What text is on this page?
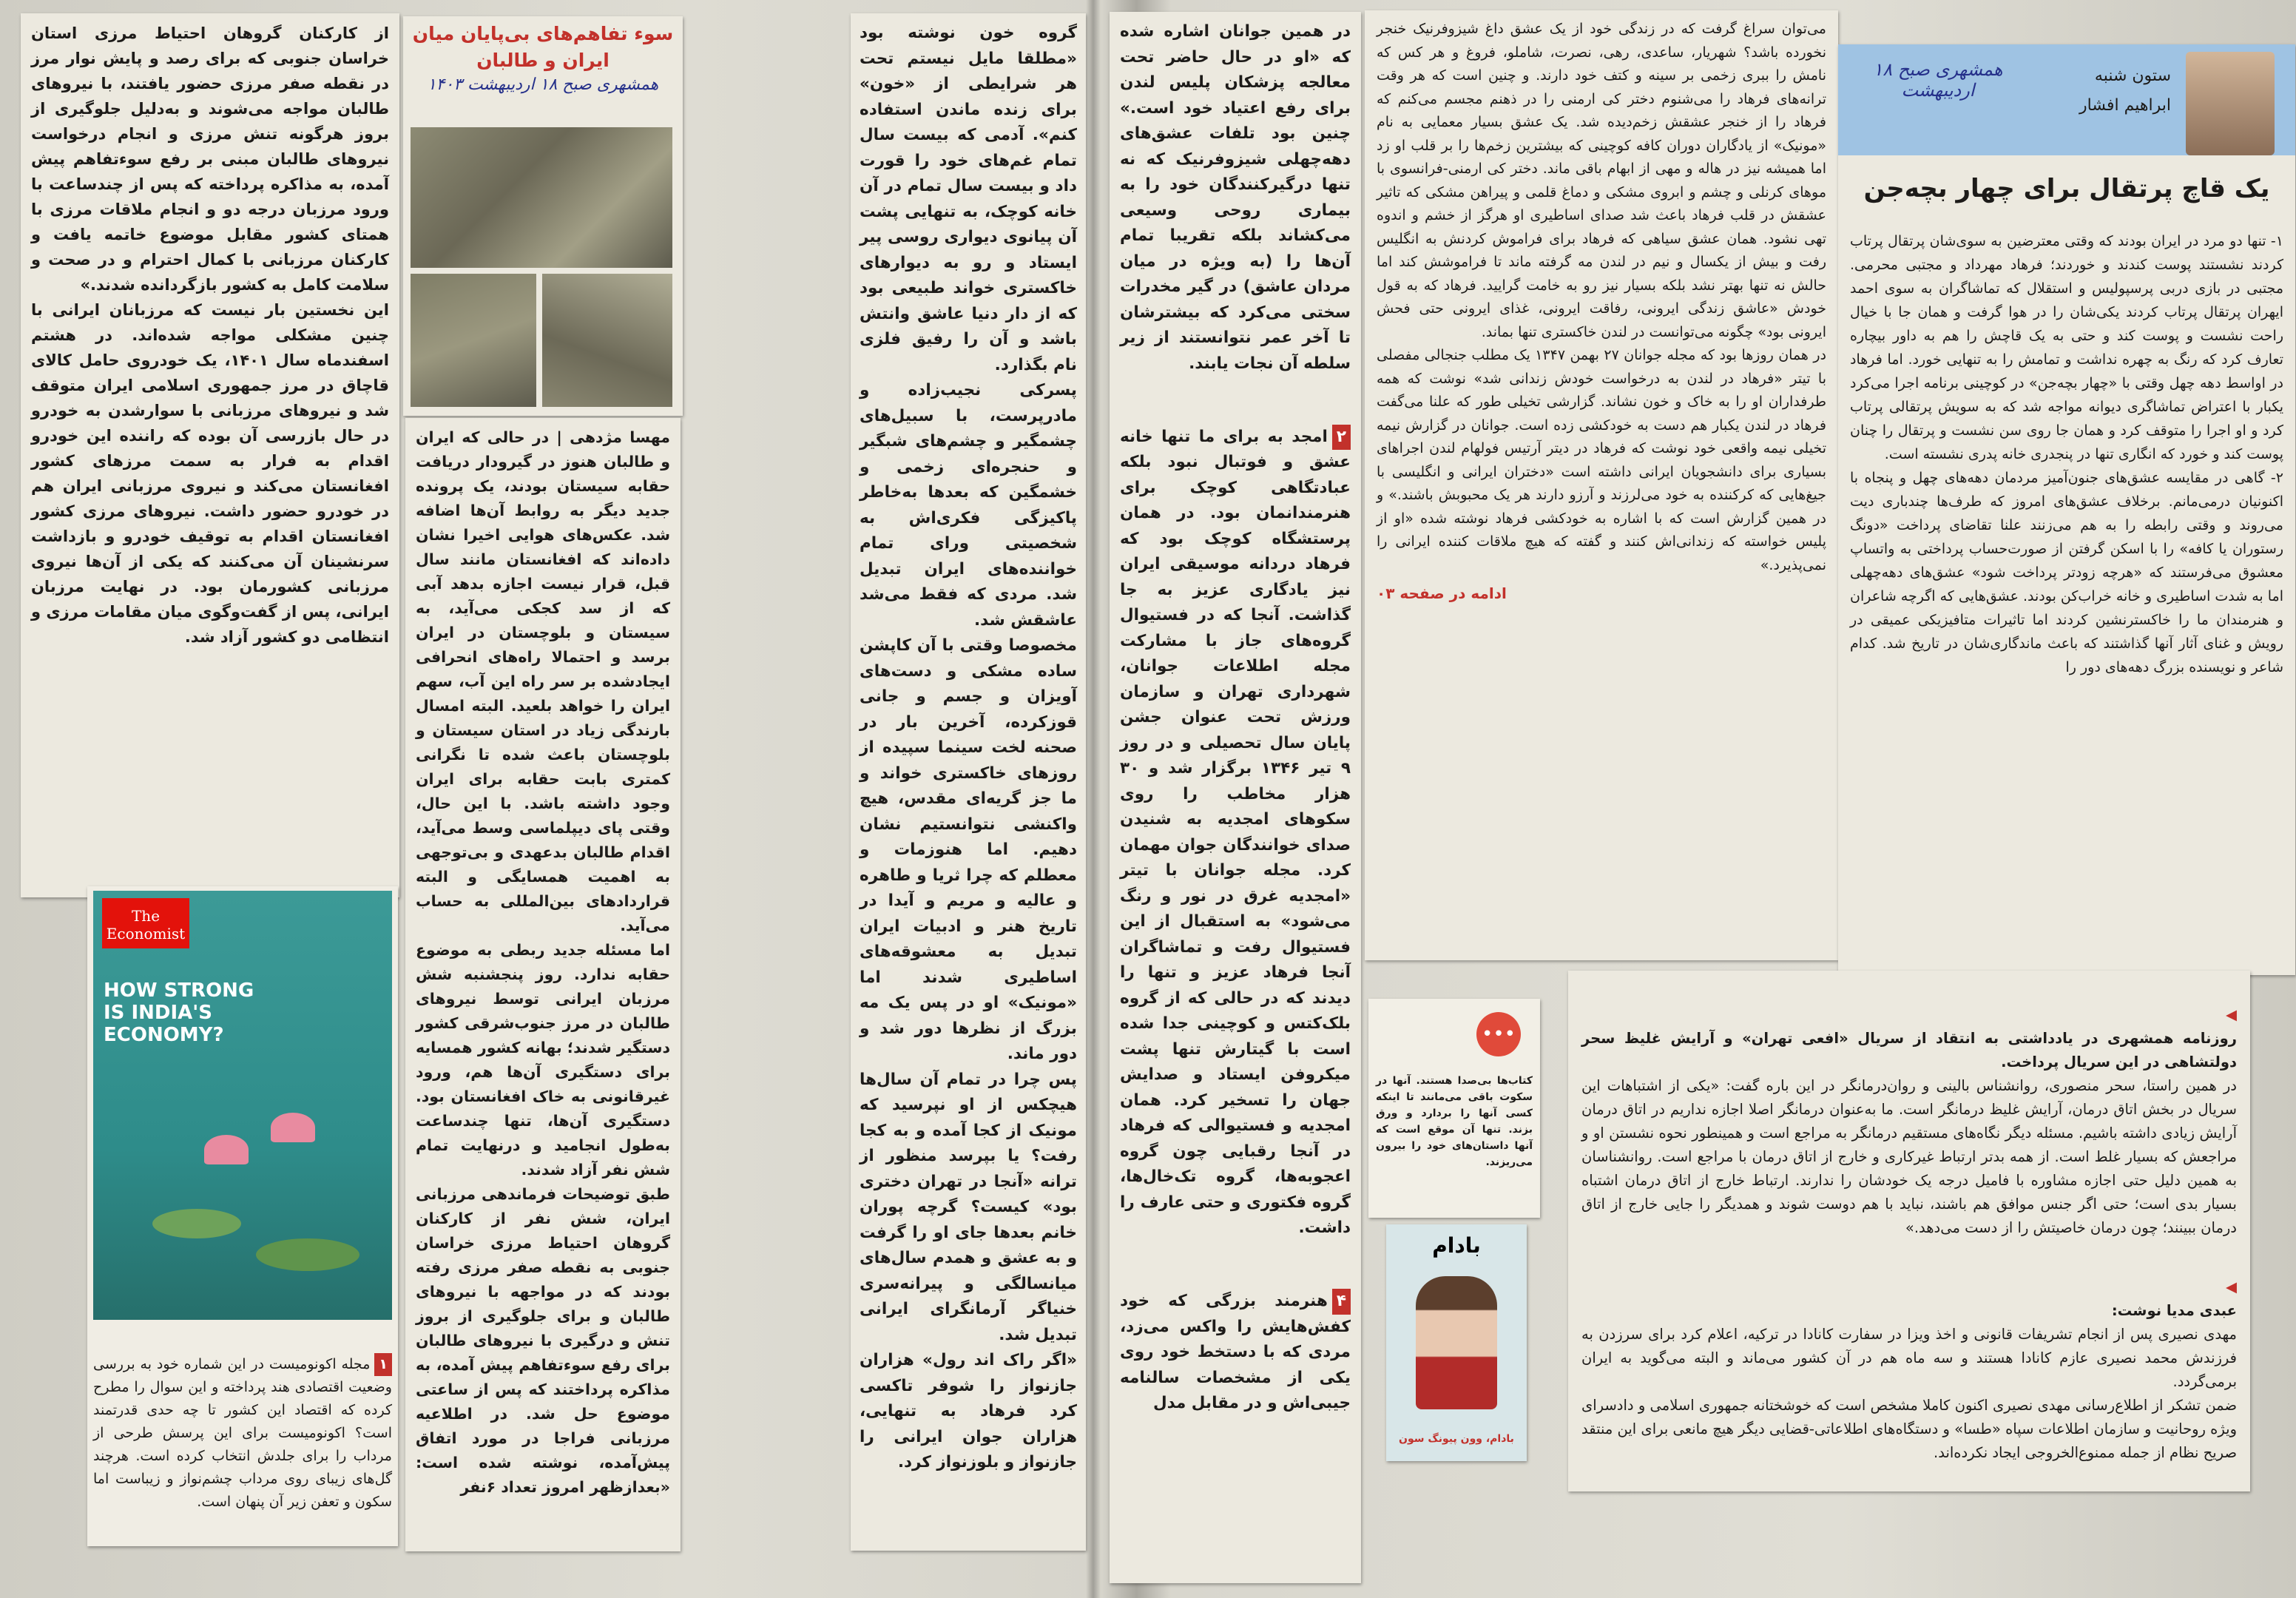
سوء تفاهم‌های بی‌پایان میان ایران و طالبان
همشهری صبح ۱۸ اردیبهشت ۱۴۰۳
مهسا مژدهی | در حالی که ایران و طالبان هنوز در گیرودار دریافت حقابه سیستان بودند، یک پرونده جدید دیگر به روابط آن‌ها اضافه شد. عکس‌های هوایی اخیرا نشان داده‌اند که افغانستان مانند سال قبل، قرار نیست اجازه بدهد آبی که از سد کجکی می‌آید، به سیستان و بلوچستان در ایران برسد و احتمالا راه‌های انحرافی ایجادشده بر سر راه این آب، سهم ایران را خواهد بلعید. البته امسال بارندگی زیاد در استان سیستان و بلوچستان باعث شده تا نگرانی کمتری بابت حقابه برای ایران وجود داشته باشد. با این حال، وقتی پای دیپلماسی وسط می‌آید، اقدام طالبان بدعهدی و بی‌توجهی به اهمیت همسایگی و البته قراردادهای بین‌المللی به حساب می‌آید.
اما مسئله جدید ربطی به موضوع حقابه ندارد. روز پنجشنبه شش مرزبان ایرانی توسط نیروهای طالبان در مرز جنوب‌شرقی کشور دستگیر شدند؛ بهانه کشور همسایه برای دستگیری آن‌ها هم، ورود غیرقانونی به خاک افغانستان بود. دستگیری آن‌ها، تنها چندساعت به‌طول انجامید و درنهایت تمام شش نفر آزاد شدند.
طبق توضیحات فرماندهی مرزبانی ایران، شش نفر از کارکنان گروهان احتیاط مرزی خراسان جنوبی به نقطه صفر مرزی رفته بودند که در مواجهه با نیروهای طالبان و برای جلوگیری از بروز تنش و درگیری با نیروهای طالبان برای رفع سوءتفاهم پیش آمده، به مذاکره پرداختند که پس از ساعتی موضوع حل شد. در اطلاعیه مرزبانی فراجا در مورد اتفاق پیش‌آمده، نوشته شده است: «بعدازظهر امروز تعداد ۶نفر
از کارکنان گروهان احتیاط مرزی استان خراسان جنوبی که برای رصد و پایش نوار مرز در نقطه صفر مرزی حضور یافتند، با نیروهای طالبان مواجه می‌شوند و به‌دلیل جلوگیری از بروز هرگونه تنش مرزی و انجام درخواست نیروهای طالبان مبنی بر رفع سوءتفاهم پیش آمده، به مذاکره پرداخته که پس از چندساعت با ورود مرزبان درجه دو و انجام ملاقات مرزی با همتای کشور مقابل موضوع خاتمه یافت و کارکنان مرزبانی با کمال احترام و در صحت و سلامت کامل به کشور بازگردانده شدند.»
این نخستین بار نیست که مرزبانان ایرانی با چنین مشکلی مواجه شده‌اند. در هشتم اسفندماه سال ۱۴۰۱، یک خودروی حامل کالای قاچاق در مرز جمهوری اسلامی ایران متوقف شد و نیروهای مرزبانی با سوارشدن به خودرو در حال بازرسی آن بوده که راننده این خودرو اقدام به فرار به سمت مرزهای کشور افغانستان می‌کند و نیروی مرزبانی ایران هم در خودرو حضور داشت. نیروهای مرزی کشور افغانستان اقدام به توقیف خودرو و بازداشت سرنشینان آن می‌کنند که یکی از آن‌ها نیروی مرزبانی کشورمان بود. در نهایت مرزبان ایرانی، پس از گفت‌وگوی میان مقامات مرزی و انتظامی دو کشور آزاد شد.
The Economist
HOW STRONG IS INDIA'S ECONOMY?

۱مجله اکونومیست در این شماره خود به بررسی وضعیت اقتصادی هند پرداخته و این سوال را مطرح کرده که اقتصاد این کشور تا چه حدی قدرتمند است؟ اکونومیست برای این پرسش طرحی از مرداب را برای جلدش انتخاب کرده است. هرچند گل‌های زیبای روی مرداب چشم‌نواز و زیباست اما سکون و تعفن زیر آن پنهان است.

گروه خون نوشته بود «مطلقا مایل نیستم تحت هر شرایطی از «خون» برای زنده ماندن استفاده کنم». آدمی که بیست سال تمام غم‌های خود را قورت داد و بیست سال تمام در آن خانه کوچک، به تنهایی پشت آن پیانوی دیواری روسی پیر ایستاد و رو به دیوارهای خاکستری خواند طبیعی بود که از دار دنیا عاشق وانتش باشد و آن را رفیق فلزی نام بگذارد.
پسرکی نجیب‌زاده و مادرپرست، با سبیل‌های چشمگیر و چشم‌های شبگیر و حنجره‌ای زخمی و خشمگین که بعدها به‌خاطر پاکیزگی فکری‌اش به شخصیتی ورای تمام خواننده‌های ایران تبدیل شد. مردی که فقط می‌شد عاشقش شد.
مخصوصا وقتی با آن کاپشن ساده مشکی و دست‌های آویزان و جسم و جانی قوزکرده، آخرین بار در صحنه لخت سینما سپیده از روزهای خاکستری خواند و ما جز گریه‌ای مقدس، هیچ واکنشی نتوانستیم نشان دهیم. اما هنوزمات و معطلم که چرا ثریا و طاهره و عالیه و مریم و آیدا در تاریخ هنر و ادبیات ایران تبدیل به معشوقه‌های اساطیری شدند اما «مونیک» او در پس یک مه بزرگ از نظرها دور شد و دور ماند.
پس چرا در تمام آن سال‌ها هیچکس از او نپرسید که مونیک از کجا آمده و به کجا رفت؟ یا بپرسد منظور از ترانه «آنجا در تهران دختری بود» کیست؟ گرچه پوران خانم بعدها جای او را گرفت و به عشق و همدم سال‌های میانسالگی و پیرانه‌سری خنیاگر آرمانگرای ایرانی تبدیل شد.
«اگر راک اند رول» هزاران جازنواز را شوفر تاکسی کرد فرهاد به تنهایی، هزاران جوان ایرانی را جازنواز و بلوزنواز کرد.
در همین جوانان اشاره شده که «او در حال حاضر تحت معالجه پزشکان پلیس لندن برای رفع اعتیاد خود است.» چنین بود تلفات عشق‌های دهه‌چهلی شیزوفرنیک که نه تنها درگیرکنندگان خود را به بیماری روحی وسیعی می‌کشاند بلکه تقریبا تمام آن‌ها را (به ویژه در میان مردان عاشق) در گیر مخدرات سختی می‌کرد که بیشترشان تا آخر عمر نتوانستند از زیر سلطه آن نجات یابند.

۲امجد به برای ما تنها خانه عشق و فوتبال نبود بلکه عبادتگاهی کوچک برای هنرمندانمان بود. در همان پرستشگاه کوچک بود که فرهاد دردانه موسیقی ایران نیز یادگاری عزیز به جا گذاشت. آنجا که در فستیوال گروه‌های جاز با مشارکت مجله اطلاعات جوانان، شهرداری تهران و سازمان ورزش تحت عنوان جشن پایان سال تحصیلی و در روز ۹ تیر ۱۳۴۶ برگزار شد و ۳۰ هزار مخاطب را روی سکوهای امجدیه به شنیدن صدای خوانندگان جوان مهمان کرد. مجله جوانان با تیتر «امجدیه غرق در نور و رنگ می‌شود» به استقبال از این فستیوال رفت و تماشاگران آنجا فرهاد عزیز و تنها را دیدند که در حالی که از گروه بلک‌کتس و کوچینی جدا شده است با گیتارش تنها پشت میکروفن ایستاد و صدایش جهان را تسخیر کرد. همان امجدیه و فستیوالی که فرهاد در آنجا رقبایی چون گروه اعجوبه‌ها، گروه تک‌خال‌ها، گروه فکتوری و حتی عارف را داشت.

۴هنرمند بزرگی که خود کفش‌هایش را واکس می‌زد، مردی که با دستخط خود روی یکی از مشخصات سالنامه جیبی‌اش و در مقابل مدل

می‌توان سراغ گرفت که در زندگی خود از یک عشق داغ شیزوفرنیک خنجر نخورده باشد؟ شهریار، ساعدی، رهی، نصرت، شاملو، فروغ و هر کس که نامش را ببری زخمی بر سینه و کتف خود دارند. و چنین است که هر وقت ترانه‌های فرهاد را می‌شنوم دختر کی ارمنی را در ذهنم مجسم می‌کنم که فرهاد را از خنجر عشقش زخم‌دیده شد. یک عشق بسیار معمایی به نام «مونیک» از یادگاران دوران کافه کوچینی که بیشترین زخم‌ها را بر قلب او زد اما همیشه نیز در هاله و مهی از ابهام باقی ماند. دختر کی ارمنی-فرانسوی با موهای کرنلی و چشم و ابروی مشکی و دماغ قلمی و پیراهن مشکی که تاثیر عشقش در قلب فرهاد باعث شد صدای اساطیری او هرگز از خشم و اندوه تهی نشود. همان عشق سیاهی که فرهاد برای فراموش کردنش به انگلیس رفت و بیش از یکسال و نیم در لندن مه گرفته ماند تا فراموشش کند اما حالش نه تنها بهتر نشد بلکه بسیار نیز رو به خامت گرایید. فرهاد که به قول خودش «عاشق زندگی ایرونی، رفاقت ایرونی، غذای ایرونی حتی فحش ایرونی بود» چگونه می‌توانست در لندن خاکستری تنها بماند.
در همان روزها بود که مجله جوانان ۲۷ بهمن ۱۳۴۷ یک مطلب جنجالی مفصلی با تیتر «فرهاد در لندن به درخواست خودش زندانی شد» نوشت که همه طرفداران او را به خاک و خون نشاند. گزارشی تخیلی طور که علنا می‌گفت فرهاد در لندن یکبار هم دست به خودکشی زده است. جوانان در گزارش نیمه تخیلی نیمه واقعی خود نوشت که فرهاد در دیتر آرتیس فولهام لندن اجراهای بسیاری برای دانشجویان ایرانی داشته است «دختران ایرانی و انگلیسی با جیغ‌هایی که کرکننده به خود می‌لرزند و آرزو دارند هر یک محبوبش باشند.» و در همین گزارش است که با اشاره به خودکشی فرهاد نوشته شده «او از پلیس خواسته که زندانی‌اش کنند و گفته که هیچ ملاقات کننده ایرانی را نمی‌پذیرد.»
ادامه در صفحه ۰۳
ستون شنبه
ابراهیم افشار
همشهری صبح ۱۸ اردیبهشت
یک قاچ پرتقال برای چهار بچه‌جن
۱- تنها دو مرد در ایران بودند که وقتی معترضین به سوی‌شان پرتقال پرتاب کردند نشستند پوست کندند و خوردند؛ فرهاد مهرداد و مجتبی محرمی. مجتبی در بازی دربی پرسپولیس و استقلال که تماشاگران به سوی احمد ایهران پرتقال پرتاب کردند یکی‌شان را در هوا گرفت و همان جا با خیال راحت نشست و پوست کند و حتی به یک قاچش را هم به داور بیچاره تعارف کرد که رنگ به چهره نداشت و تمامش را به تنهایی خورد. اما فرهاد در اواسط دهه چهل وقتی با «چهار بچه‌جن» در کوچینی برنامه اجرا می‌کرد یکبار با اعتراض تماشاگری دیوانه مواجه شد که به سویش پرتقالی پرتاب کرد و او اجرا را متوقف کرد و همان جا روی سن نشست و پرتقال را چنان پوست کند و خورد که انگاری تنها در پنجدری خانه پدری نشسته است.
۲- گاهی در مقایسه عشق‌های جنون‌آمیز مردمان دهه‌های چهل و پنجاه با اکنونیان درمی‌مانم. برخلاف عشق‌های امروز که طرف‌ها چندباری دیت می‌روند و وقتی رابطه را به هم می‌زنند علنا تقاضای پرداخت «دونگ رستوران یا کافه» را با اسکن گرفتن از صورت‌حساب پرداختی به واتساپ معشوق می‌فرستند که «هرچه زودتر پرداخت شود» عشق‌های دهه‌چهلی اما به شدت اساطیری و خانه خراب‌کن بودند. عشق‌هایی که اگرچه شاعران و هنرمندان ما را خاکسترنشین کردند اما تاثیرات متافیزیکی عمیقی در رویش و غنای آثار آنها گذاشتند که باعث ماندگاری‌شان در تاریخ شد. کدام شاعر و نویسنده بزرگ دهه‌های دور را
•••
کتاب‌ها بی‌صدا هستند. آنها در سکوت باقی می‌مانند تا اینکه کسی آنها را بردارد و ورق بزند. تنها آن موقع است که آنها داستان‌های خود را بیرون می‌ریزند.
بادام
بادام، وون پیونگ سون

◀
روزنامه همشهری در یادداشتی به انتقاد از سریال «افعی تهران» و آرایش غلیظ سحر دولتشاهی در این سریال پرداخت.
در همین راستا، سحر منصوری، روانشناس بالینی و روان‌درمانگر در این باره گفت: «یکی از اشتباهات این سریال در بخش اتاق درمان، آرایش غلیظ درمانگر است. ما به‌عنوان درمانگر اصلا اجازه نداریم در اتاق درمان آرایش زیادی داشته باشیم. مسئله دیگر نگاه‌های مستقیم درمانگر به مراجع است و همینطور نحوه نشستن او و مراجعش که بسیار غلط است. از همه بدتر ارتباط غیرکاری و خارج از اتاق درمان با مراجع است. روانشناسان به همین دلیل حتی اجازه مشاوره با فامیل درجه یک خودشان را ندارند. ارتباط خارج از اتاق درمان اشتباه بسیار بدی است؛ حتی اگر جنس موافق هم باشند، نباید با هم دوست شوند و همدیگر را جایی خارج از اتاق درمان ببینند؛ چون درمان خاصیتش را از دست می‌دهد.»

◀
عبدی مدیا نوشت:
مهدی نصیری پس از انجام تشریفات قانونی و اخذ ویزا در سفارت کانادا در ترکیه، اعلام کرد برای سرزدن به فرزندش محمد نصیری عازم کانادا هستند و سه ماه هم در آن کشور می‌ماند و البته می‌گوید به ایران برمی‌گردد.
ضمن تشکر از اطلاع‌رسانی مهدی نصیری اکنون کاملا مشخص است که خوشختانه جمهوری اسلامی و دادسرای ویژه روحانیت و سازمان اطلاعات سپاه «طسا» و دستگاه‌های اطلاعاتی-قضایی دیگر هیچ مانعی برای این منتقد صریح نظام از جمله ممنوع‌الخروجی ایجاد نکرده‌اند.
